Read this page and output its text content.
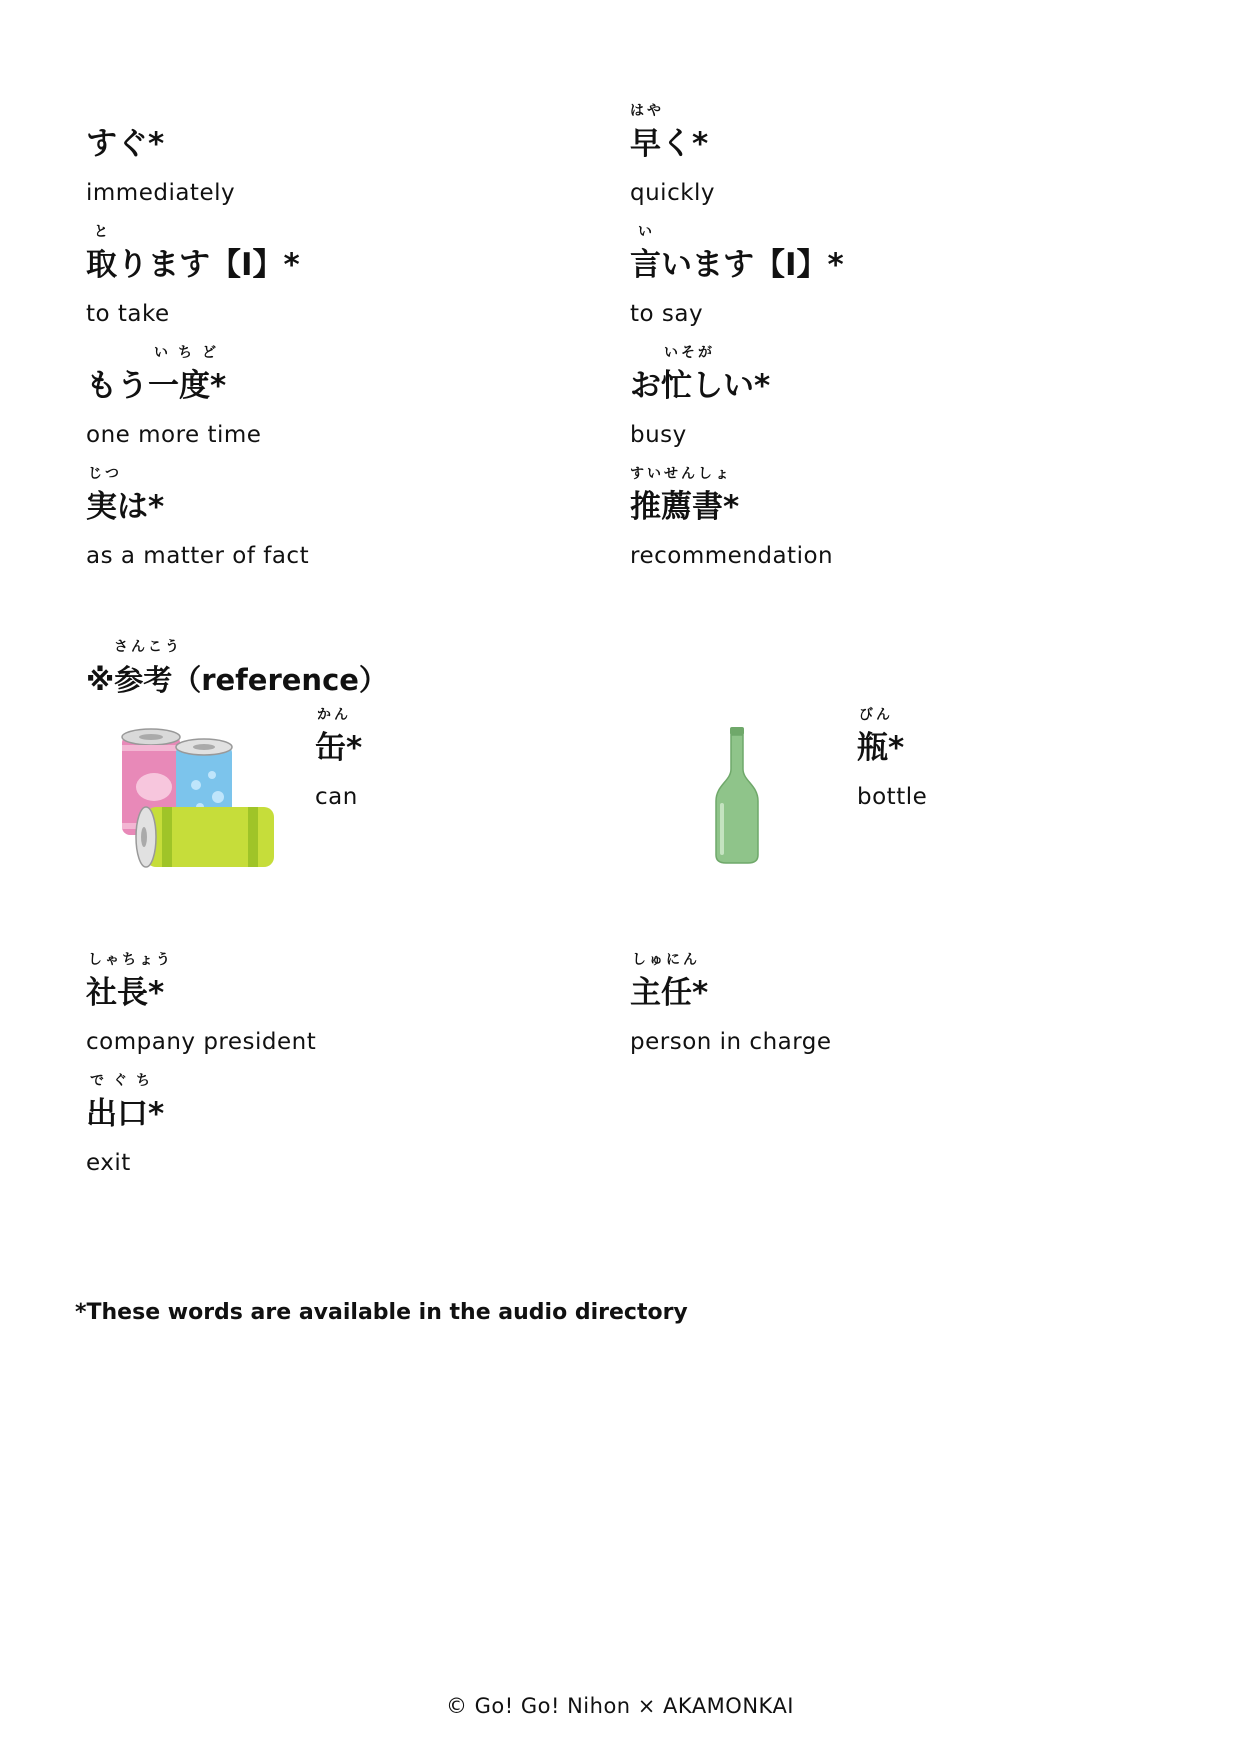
すぐ*
immediately
はや
早く*
quickly
と
取ります【Ⅰ】*
to take
い
言います【Ⅰ】*
to say
いちど
もう一度*
one more time
いそが
お忙しい*
busy
じつ
実は*
as a matter of fact
すいせんしょ
推薦書*
recommendation
さんこう
※参考（reference）
かん
缶*
can
びん
瓶*
bottle
しゃちょう
社長*
company president
しゅにん
主任*
person in charge
でぐち
出口*
exit
*These words are available in the audio directory
© Go! Go! Nihon × AKAMONKAI
